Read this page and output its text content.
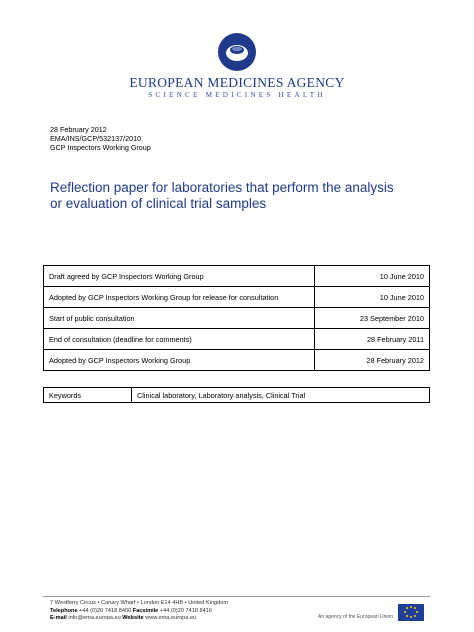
EUROPEAN MEDICINES AGENCY
SCIENCE MEDICINES HEALTH
28 February 2012
EMA/INS/GCP/532137/2010
GCP Inspectors Working Group
Reflection paper for laboratories that perform the analysis
or evaluation of clinical trial samples
Draft agreed by GCP Inspectors Working Group	10 June 2010
Adopted by GCP Inspectors Working Group for release for consultation	10 June 2010
Start of public consultation	23 September 2010
End of consultation (deadline for comments)	28 February 2011
Adopted by GCP Inspectors Working Group	28 February 2012
Keywords	Clinical laboratory, Laboratory analysis, Clinical Trial
7 Westferry Circus • Canary Wharf • London E14 4HB • United Kingdom
Telephone +44 (0)20 7418 8400 Facsimile +44 (0)20 7418 8416
E-mail info@ema.europa.eu Website www.ema.europa.eu	An agency of the European Union
